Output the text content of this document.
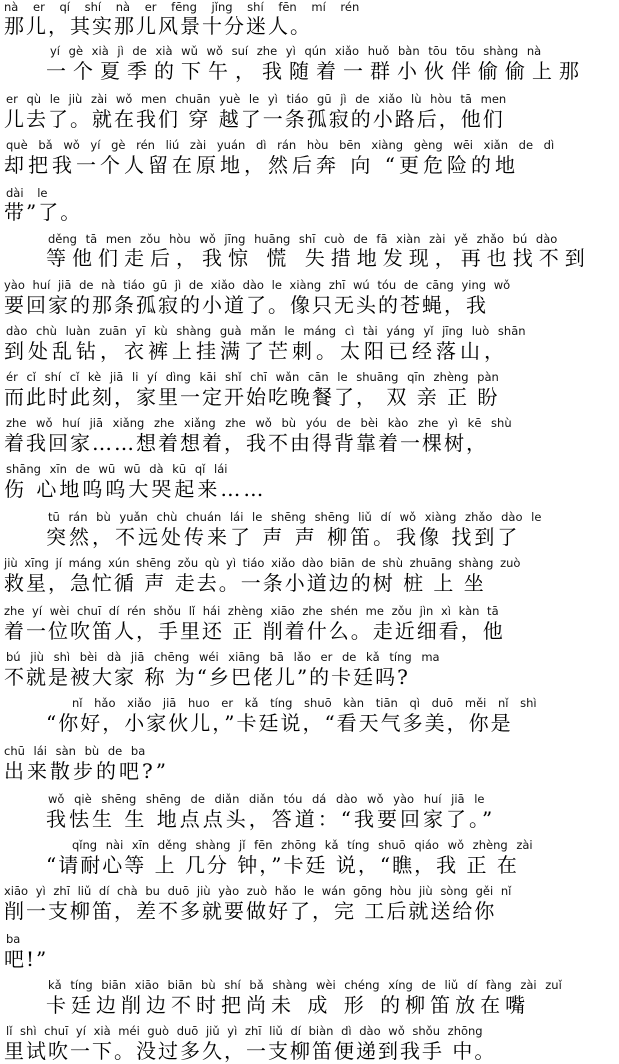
nà er qí shí nà er fēng jǐng shí fēn mí rén
那儿，其实那儿风景十分迷人。
yí gè xià jì de xià wǔ wǒ suí zhe yì qún xiǎo huǒ bàn tōu tōu shàng nà
一个夏季的下午，我随着一群小伙伴偷偷上那
er qù le jiù zài wǒ men chuān yuè le yì tiáo gū jì de xiǎo lù hòu tā men
儿去了。就在我们 穿 越了一条孤寂的小路后，他们
què bǎ wǒ yí gè rén liú zài yuán dì rán hòu bēn xiàng gèng wēi xiǎn de dì
却把我一个人留在原地，然后奔 向 “更危险的地
dài le
带”了。
děng tā men zǒu hòu wǒ jīng huāng shī cuò de fā xiàn zài yě zhǎo bú dào
等他们走后，我惊 慌 失措地发现，再也找不到
yào huí jiā de nà tiáo gū jì de xiǎo dào le xiàng zhī wú tóu de cāng ying wǒ
要回家的那条孤寂的小道了。像只无头的苍蝇，我
dào chù luàn zuān yī kù shàng guà mǎn le máng cì tài yáng yǐ jīng luò shān
到处乱钻，衣裤上挂满了芒刺。太阳已经落山，
ér cǐ shí cǐ kè jiā li yí dìng kāi shǐ chī wǎn cān le shuāng qīn zhèng pàn
而此时此刻，家里一定开始吃晚餐了， 双 亲 正 盼
zhe wǒ huí jiā xiǎng zhe xiǎng zhe wǒ bù yóu de bèi kào zhe yì kē shù
着我回家……想着想着，我不由得背靠着一棵树，
shāng xīn de wū wū dà kū qǐ lái
伤 心地呜呜大哭起来……
tū rán bù yuǎn chù chuán lái le shēng shēng liǔ dí wǒ xiàng zhǎo dào le
突然，不远处传来了 声 声 柳笛。我像 找到了
jiù xīng jí máng xún shēng zǒu qù yì tiáo xiǎo dào biān de shù zhuāng shàng zuò
救星，急忙循 声 走去。一条小道边的树 桩 上 坐
zhe yí wèi chuī dí rén shǒu lǐ hái zhèng xiāo zhe shén me zǒu jìn xì kàn tā
着一位吹笛人，手里还 正 削着什么。走近细看，他
bú jiù shì bèi dà jiā chēng wéi xiāng bā lǎo er de kǎ tíng ma
不就是被大家 称 为“乡巴佬儿”的卡廷吗?
nǐ hǎo xiǎo jiā huo er kǎ tíng shuō kàn tiān qì duō měi nǐ shì
“你好，小家伙儿，”卡廷说，“看天气多美，你是
chū lái sàn bù de ba
出来散步的吧?”
wǒ qiè shēng shēng de diǎn diǎn tóu dá dào wǒ yào huí jiā le
我怯生 生 地点点头，答道：“我要回家了。”
qǐng nài xīn děng shàng jǐ fēn zhōng kǎ tíng shuō qiáo wǒ zhèng zài
“请耐心等 上 几分 钟，”卡廷 说，“瞧，我 正 在
xiāo yì zhī liǔ dí chà bu duō jiù yào zuò hǎo le wán gōng hòu jiù sòng gěi nǐ
削一支柳笛，差不多就要做好了，完 工后就送给你
ba
吧!”
kǎ tíng biān xiāo biān bù shí bǎ shàng wèi chéng xíng de liǔ dí fàng zài zuǐ
卡廷边削边不时把尚未 成 形 的柳笛放在嘴
lǐ shì chuī yí xià méi guò duō jiǔ yì zhī liǔ dí biàn dì dào wǒ shǒu zhōng
里试吹一下。没过多久，一支柳笛便递到我手 中。
